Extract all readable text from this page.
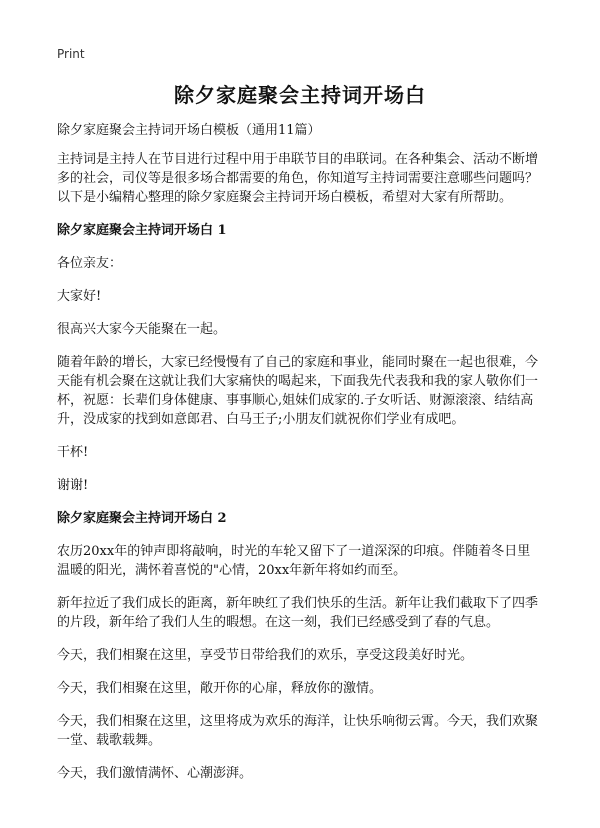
Print
除夕家庭聚会主持词开场白
除夕家庭聚会主持词开场白模板（通用11篇）

主持词是主持人在节目进行过程中用于串联节目的串联词。在各种集会、活动不断增多的社会，司仪等是很多场合都需要的角色，你知道写主持词需要注意哪些问题吗？以下是小编精心整理的除夕家庭聚会主持词开场白模板，希望对大家有所帮助。

除夕家庭聚会主持词开场白 1

各位亲友：

大家好!

很高兴大家今天能聚在一起。

随着年龄的增长，大家已经慢慢有了自己的家庭和事业，能同时聚在一起也很难，今天能有机会聚在这就让我们大家痛快的喝起来，下面我先代表我和我的家人敬你们一杯，祝愿：长辈们身体健康、事事顺心,姐妹们成家的.子女听话、财源滚滚、结结高升，没成家的找到如意郎君、白马王子;小朋友们就祝你们学业有成吧。

干杯!

谢谢!

除夕家庭聚会主持词开场白 2

农历20xx年的钟声即将敲响，时光的车轮又留下了一道深深的印痕。伴随着冬日里温暖的阳光，满怀着喜悦的"心情，20xx年新年将如约而至。

新年拉近了我们成长的距离，新年映红了我们快乐的生活。新年让我们截取下了四季的片段，新年给了我们人生的暇想。在这一刻，我们已经感受到了春的气息。

今天，我们相聚在这里，享受节日带给我们的欢乐，享受这段美好时光。

今天，我们相聚在这里，敞开你的心扉，释放你的激情。

今天，我们相聚在这里，这里将成为欢乐的海洋，让快乐响彻云霄。今天，我们欢聚一堂、载歌载舞。

今天，我们激情满怀、心潮澎湃。
